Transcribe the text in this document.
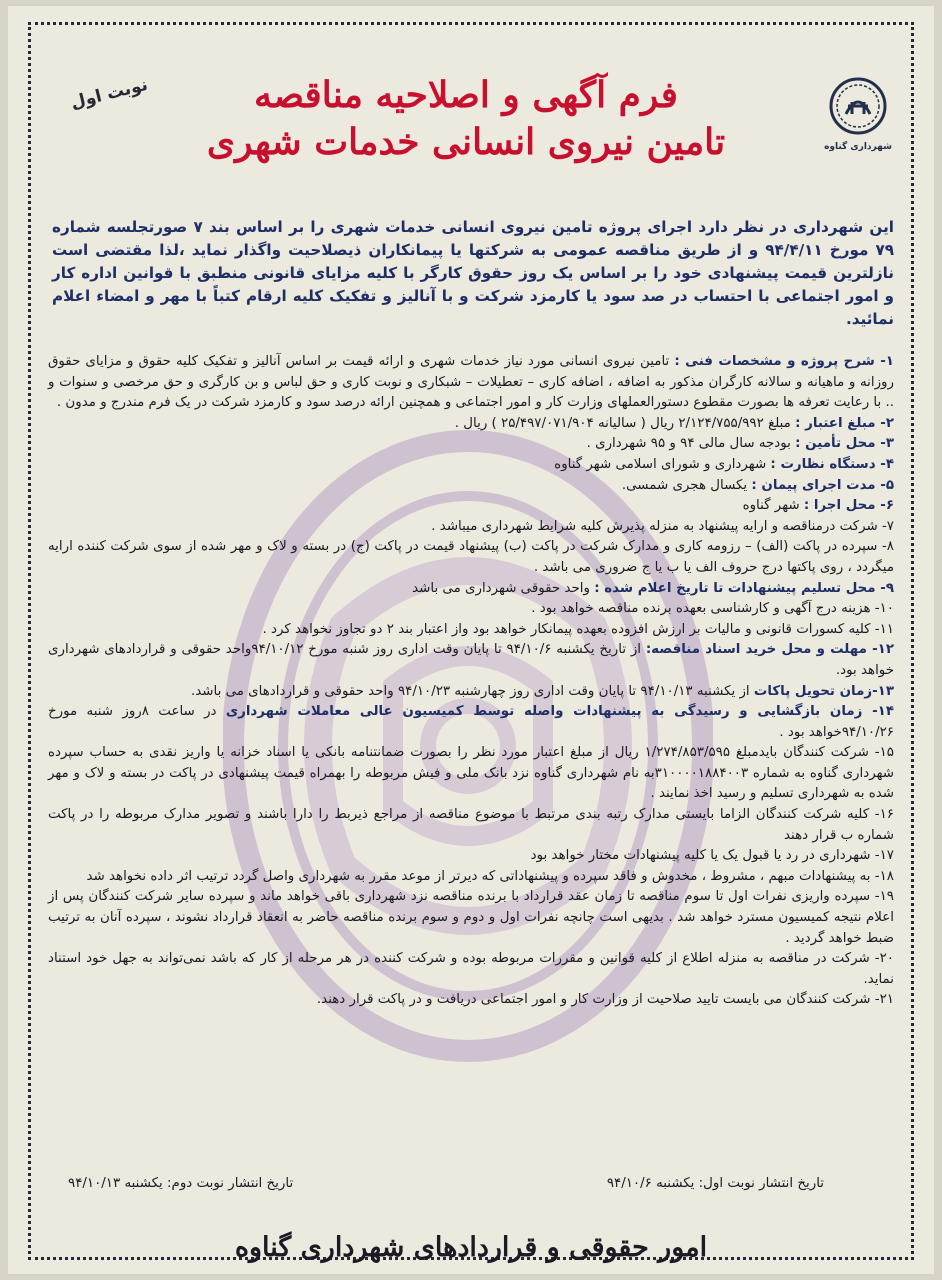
شهرداری گناوه
نوبت اول	فرم آگهی و اصلاحیه مناقصه
تامین نیروی انسانی خدمات شهری
این شهرداری در نظر دارد اجرای پروژه تامین نیروی انسانی خدمات شهری را بر اساس بند ۷ صورتجلسه شماره ۷۹ مورخ ۹۴/۴/۱۱ و از طریق مناقصه عمومی به شرکتها یا پیمانکاران ذیصلاحیت واگذار نماید ،لذا مقتضی است نازلترین قیمت پیشنهادی خود را بر اساس یک روز حقوق کارگر با کلیه مزایای قانونی منطبق با قوانین اداره کار و امور اجتماعی با احتساب در صد سود یا کارمزد شرکت و با آنالیز و تفکیک کلیه ارقام کتباً با مهر و امضاء اعلام نمائید.

۱- شرح پروژه و مشخصات فنی : تامین نیروی انسانی مورد نیاز خدمات شهری و ارائه قیمت بر اساس آنالیز و تفکیک کلیه حقوق و مزایای حقوق روزانه و ماهیانه و سالانه کارگران مذکور به اضافه ، اضافه کاری – تعطیلات – شبکاری و نوبت کاری و حق لباس و بن کارگری و حق مرخصی و سنوات و .. با رعایت تعرفه ها بصورت مقطوع دستورالعملهای وزارت کار و امور اجتماعی و همچنین ارائه درصد سود و کارمزد شرکت در یک فرم مندرج و مدون .

۲- مبلغ اعتبار : مبلغ ۲/۱۲۴/۷۵۵/۹۹۲ ریال ( سالیانه ۲۵/۴۹۷/۰۷۱/۹۰۴ ) ریال .

۳- محل تأمین : بودجه سال مالی ۹۴ و ۹۵ شهرداری .

۴- دستگاه نظارت : شهرداری و شورای اسلامی شهر گناوه

۵- مدت اجرای پیمان : یکسال هجری شمسی.

۶- محل اجرا : شهر گناوه

۷- شرکت درمناقصه و ارایه پیشنهاد به منزله پذیرش کلیه شرایط شهرداری میباشد .

۸- سپرده در پاکت (الف) – رزومه کاری و مدارک شرکت در پاکت (ب) پیشنهاد قیمت در پاکت (ج) در بسته و لاک و مهر شده از سوی شرکت کننده ارایه میگردد ، روی پاکتها درج حروف الف یا ب یا ج ضروری می باشد .

۹- محل تسلیم پیشنهادات تا تاریخ اعلام شده : واحد حقوقی شهرداری می باشد

۱۰- هزینه درج آگهی و کارشناسی بعهده برنده مناقصه خواهد بود .

۱۱- کلیه کسورات قانونی و مالیات بر ارزش افزوده بعهده پیمانکار خواهد بود واز اعتبار بند ۲ دو تجاوز نخواهد کرد .

۱۲- مهلت و محل خرید اسناد مناقصه: از تاریخ یکشنبه ۹۴/۱۰/۶ تا پایان وقت اداری روز شنبه مورخ ۹۴/۱۰/۱۲واحد حقوقی و قراردادهای شهرداری خواهد بود.

۱۳-زمان تحویل پاکات از یکشنبه ۹۴/۱۰/۱۳ تا پایان وقت اداری روز چهارشنبه ۹۴/۱۰/۲۳ واحد حقوقی و قراردادهای می باشد.

۱۴- زمان بازگشایی و رسیدگی به پیشنهادات واصله توسط کمیسیون عالی معاملات شهرداری در ساعت ۸روز شنبه مورخ ۹۴/۱۰/۲۶خواهد بود .

۱۵- شرکت کنندگان بایدمبلغ ۱/۲۷۴/۸۵۳/۵۹۵ ریال از مبلغ اعتبار مورد نظر را بصورت ضمانتنامه بانکی یا اسناد خزانه یا واریز نقدی به حساب سپرده شهرداری گناوه به شماره ۳۱۰۰۰۰۱۸۸۴۰۰۳به نام شهرداری گناوه نزد بانک ملی و فیش مربوطه را بهمراه قیمت پیشنهادی در پاکت در بسته و لاک و مهر شده به شهرداری تسلیم و رسید اخذ نمایند .

۱۶- کلیه شرکت کنندگان الزاما بایستی مدارک رتبه بندی مرتبط با موضوع مناقصه از مراجع ذیربط را دارا باشند و تصویر مدارک مربوطه را در پاکت شماره ب قرار دهند

۱۷- شهرداری در رد یا قبول یک یا کلیه پیشنهادات مختار خواهد بود

۱۸- به پیشنهادات مبهم ، مشروط ، مخدوش و فاقد سپرده و پیشنهاداتی که دیرتر از موعد مقرر به شهرداری واصل گردد ترتیب اثر داده نخواهد شد

۱۹- سپرده واریزی نفرات اول تا سوم مناقصه تا زمان عقد قرارداد با برنده مناقصه نزد شهرداری باقی خواهد ماند و سپرده سایر شرکت کنندگان پس از اعلام نتیجه کمیسیون مسترد خواهد شد . بدیهی است چانچه نفرات اول و دوم و سوم برنده مناقصه حاضر به انعقاد قرارداد نشوند ، سپرده آنان به ترتیب ضبط خواهد گردید .

۲۰- شرکت در مناقصه به منزله اطلاع از کلیه قوانین و مقررات مربوطه بوده و شرکت کننده در هر مرحله از کار که باشد نمی‌تواند به جهل خود استناد نماید.

۲۱- شرکت کنندگان می بایست تایید صلاحیت از وزارت کار و امور اجتماعی دریافت و در پاکت قرار دهند.

تاریخ انتشار نوبت اول: یکشنبه ۹۴/۱۰/۶
تاریخ انتشار نوبت دوم: یکشنبه ۹۴/۱۰/۱۳
امور حقوقی و قراردادهای شهرداری گناوه
